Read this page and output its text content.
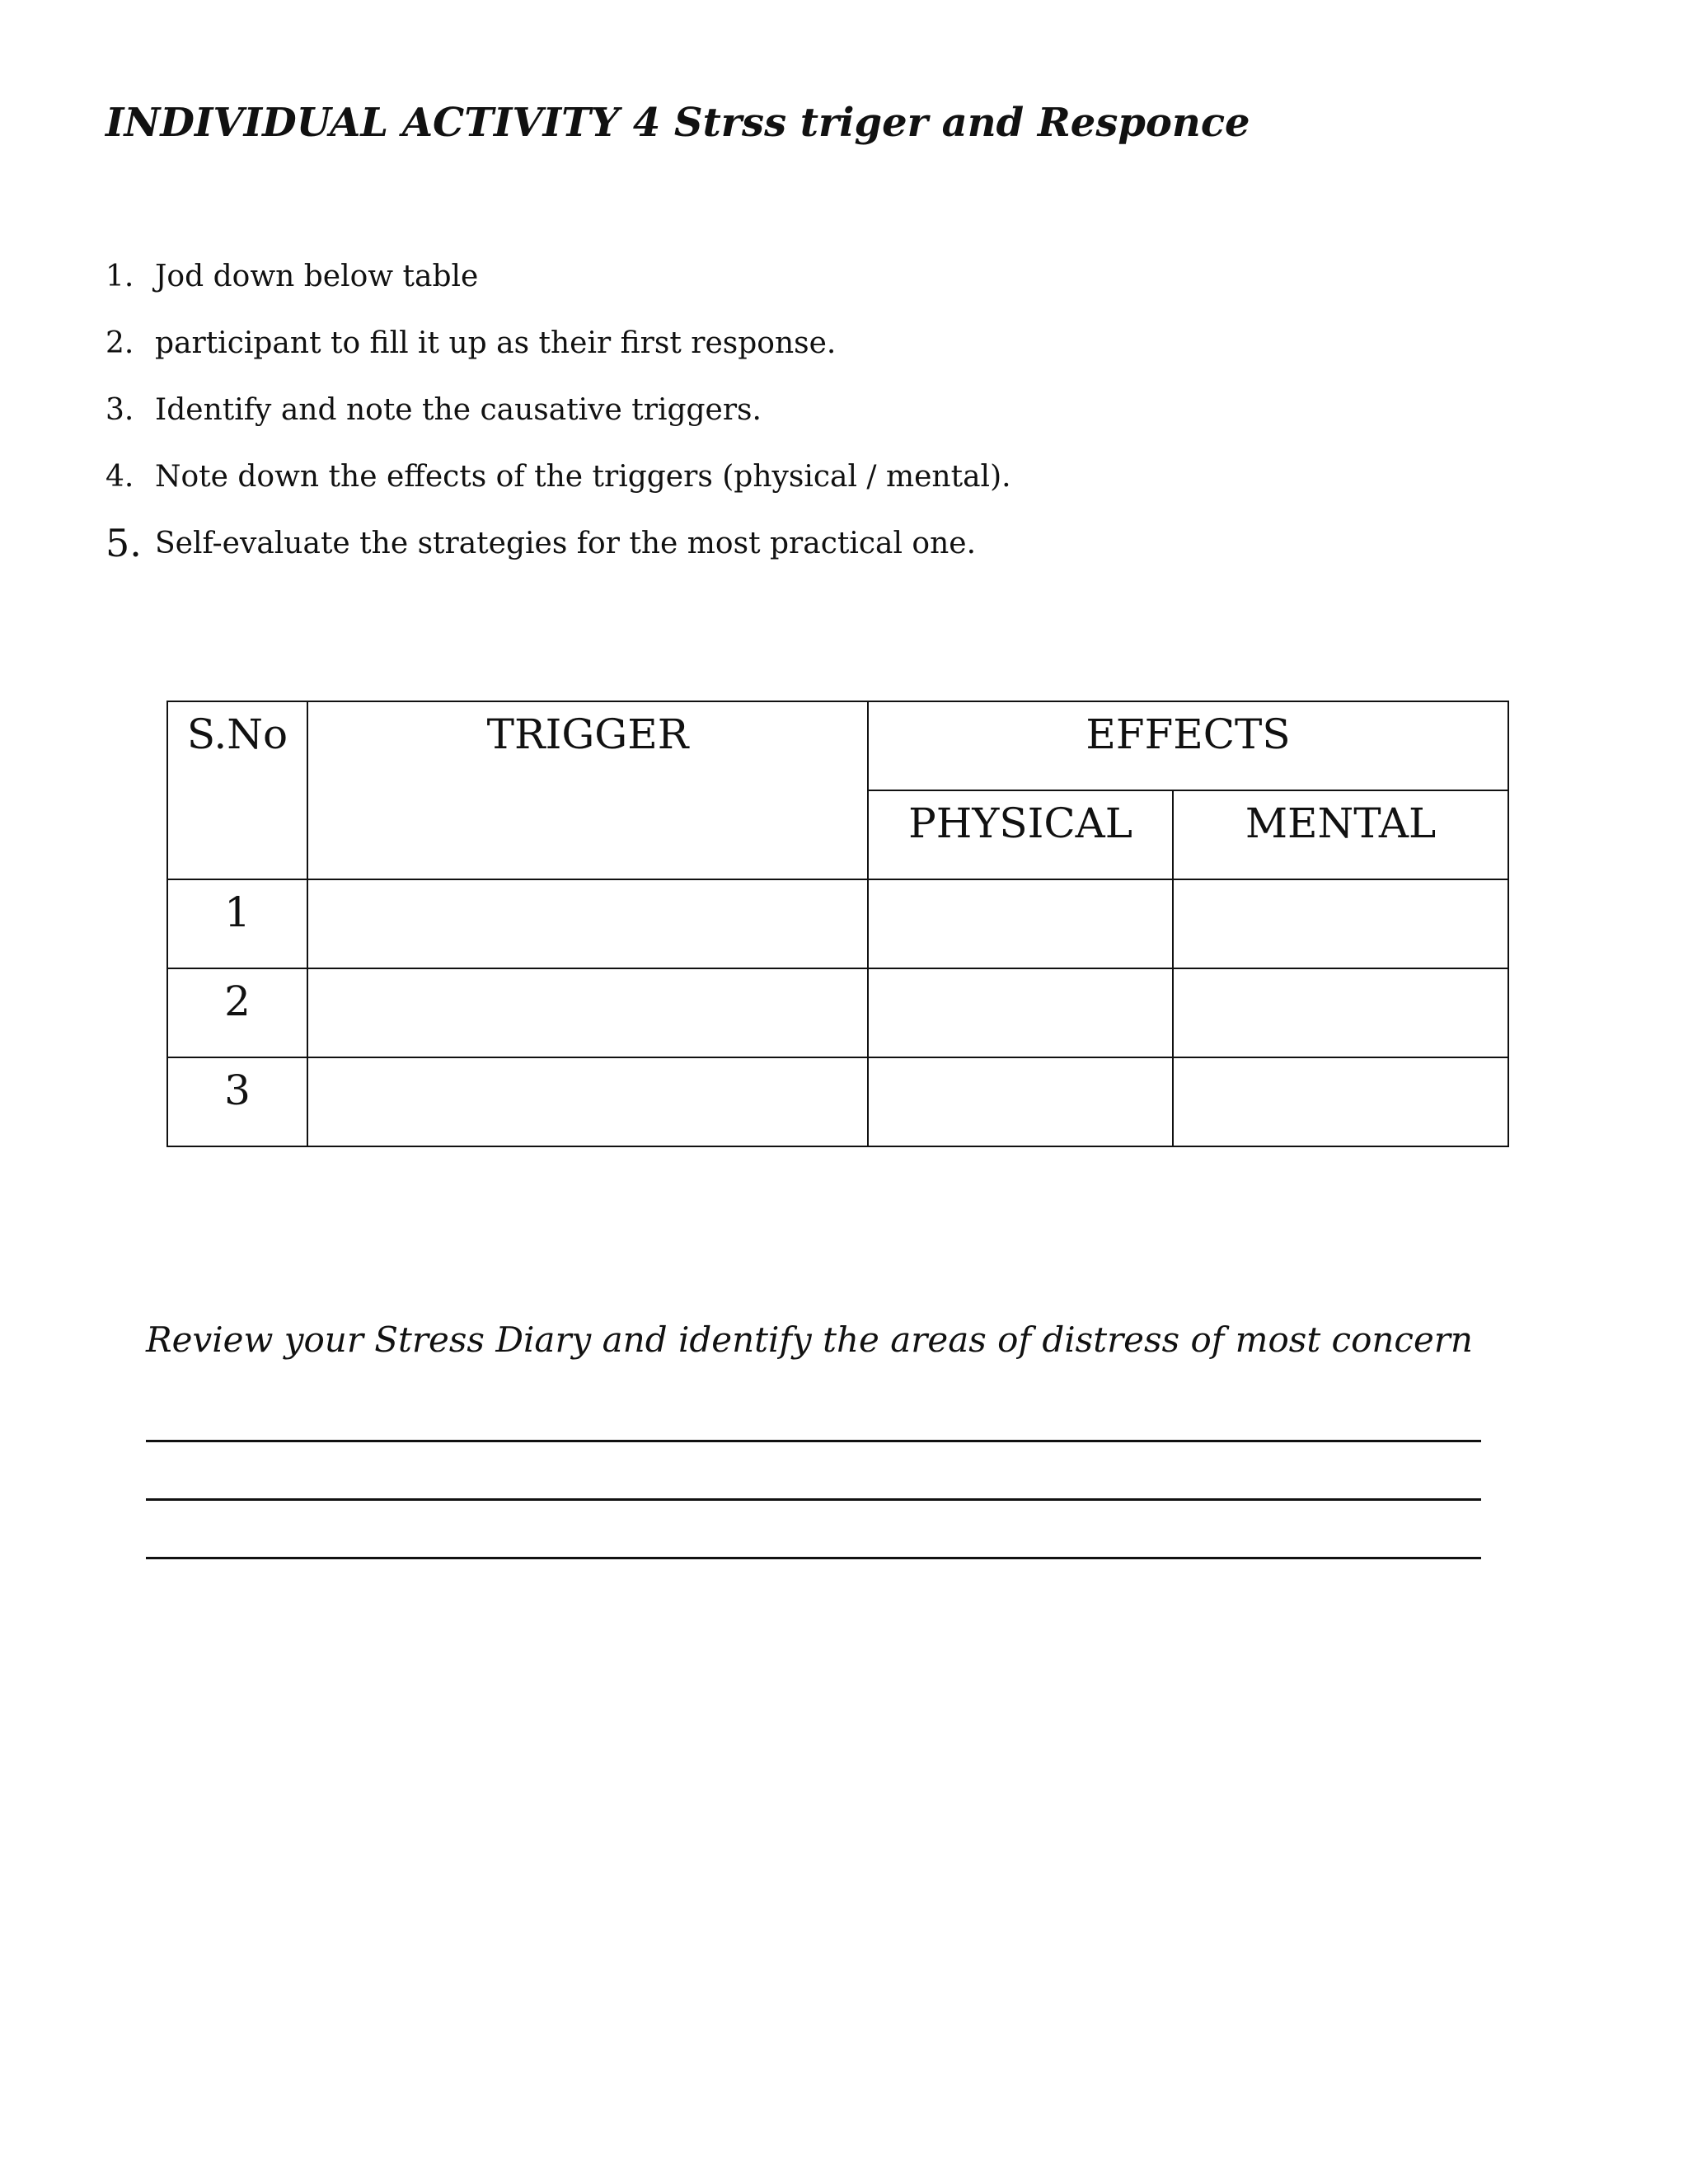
INDIVIDUAL ACTIVITY 4 Strss triger and Responce
1. Jod down below table
2. participant to fill it up as their first response.
3. Identify and note the causative triggers.
4. Note down the effects of the triggers (physical / mental).
5. Self-evaluate the strategies for the most practical one.
S.No	TRIGGER	EFFECTS	

		PHYSICAL	MENTAL

1			

2			

3			

Review your Stress Diary and identify the areas of distress of most concern
